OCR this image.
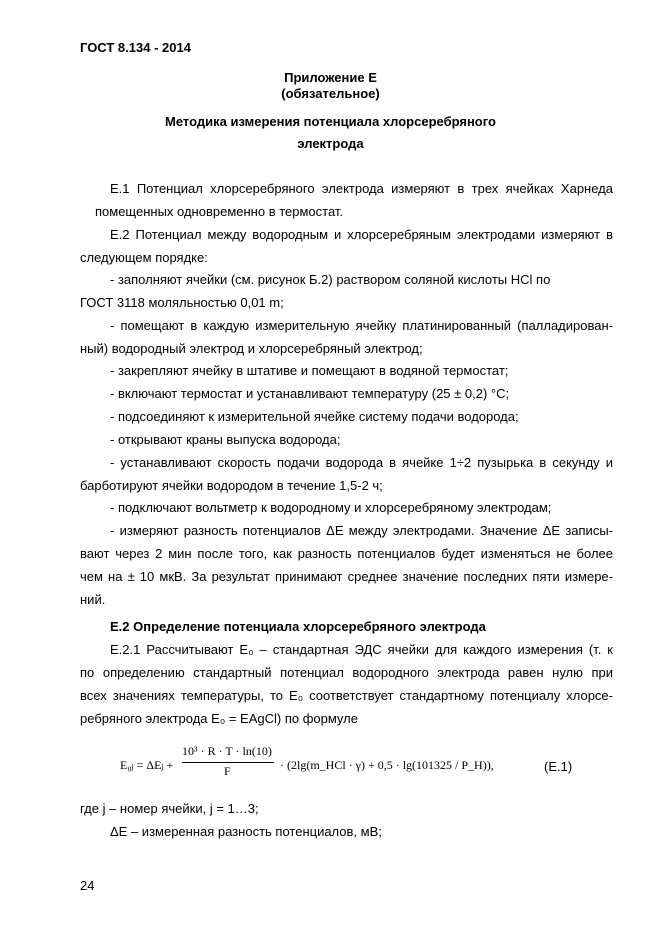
ГОСТ 8.134 - 2014
Приложение Е
(обязательное)
Методика измерения потенциала хлорсеребряного
электрода
Е.1 Потенциал хлорсеребряного электрода измеряют в трех ячейках Харнеда
помещенных одновременно в термостат.
Е.2 Потенциал между водородным и хлорсеребряным электродами измеряют в
следующем порядке:
- заполняют ячейки (см. рисунок Б.2) раствором соляной кислоты HCl по
ГОСТ 3118 моляльностью 0,01 m;
- помещают в каждую измерительную ячейку платинированный (палладирован-
ный) водородный электрод и хлорсеребряный электрод;
- закрепляют ячейку в штативе и помещают в водяной термостат;
- включают термостат и устанавливают температуру (25 ± 0,2) °С;
- подсоединяют к измерительной ячейке систему подачи водорода;
- открывают краны выпуска водорода;
- устанавливают скорость подачи водорода в ячейке 1÷2 пузырька в секунду и
барботируют ячейки водородом в течение 1,5-2 ч;
- подключают вольтметр к водородному и хлорсеребряному электродам;
- измеряют разность потенциалов ΔЕ между электродами. Значение ΔЕ записы-
вают через 2 мин после того, как разность потенциалов будет изменяться не более
чем на ± 10 мкВ. За результат принимают среднее значение последних пяти измере-
ний.
Е.2 Определение потенциала хлорсеребряного электрода
Е.2.1 Рассчитывают E₀ – стандартная ЭДС ячейки для каждого измерения (т. к
по определению стандартный потенциал водородного электрода равен нулю при
всех значениях температуры, то E₀ соответствует стандартному потенциалу хлорсе-
ребряного электрода E₀ = EAgCl) по формуле
E₀ⱼ = ΔEⱼ +
10³ · R · T · ln(10)
F	· (2lg(m_HCl · γ) + 0,5 · lg(101325 / P_H)),	(Е.1)
где j – номер ячейки, j = 1…3;
ΔE – измеренная разность потенциалов, мВ;
24
